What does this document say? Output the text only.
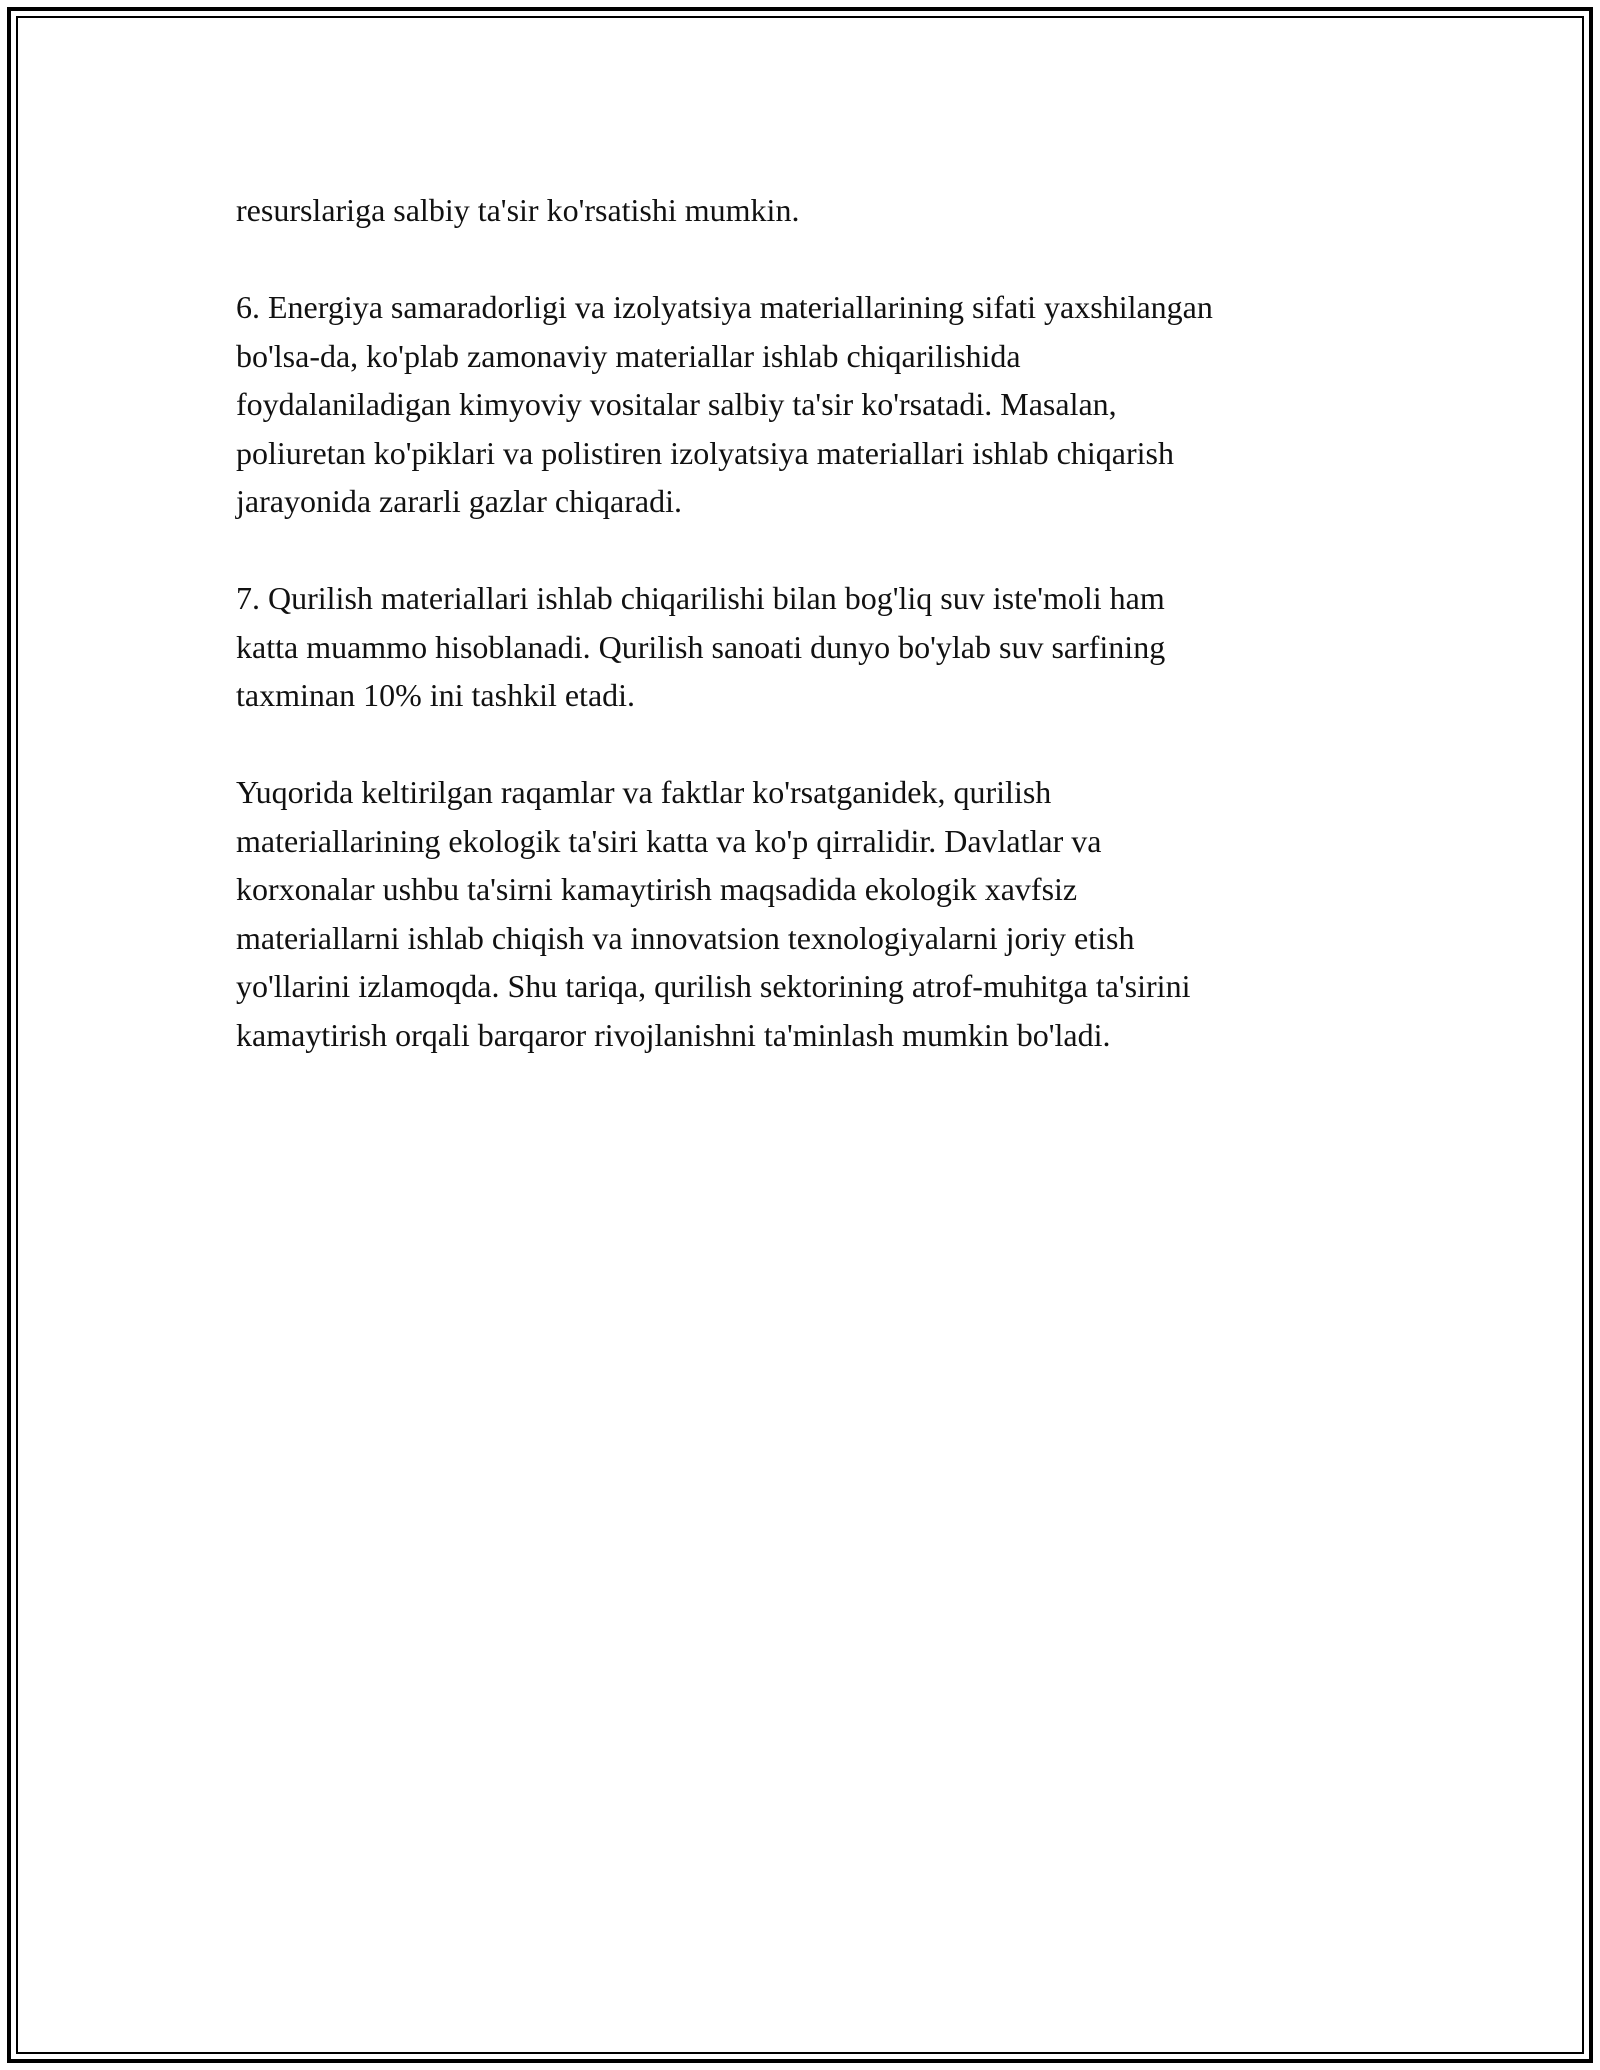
resurslariga salbiy ta'sir ko'rsatishi mumkin.

6. Energiya samaradorligi va izolyatsiya materiallarining sifati yaxshilangan
bo'lsa-da, ko'plab zamonaviy materiallar ishlab chiqarilishida
foydalaniladigan kimyoviy vositalar salbiy ta'sir ko'rsatadi. Masalan,
poliuretan ko'piklari va polistiren izolyatsiya materiallari ishlab chiqarish
jarayonida zararli gazlar chiqaradi.

7. Qurilish materiallari ishlab chiqarilishi bilan bog'liq suv iste'moli ham
katta muammo hisoblanadi. Qurilish sanoati dunyo bo'ylab suv sarfining
taxminan 10% ini tashkil etadi.

Yuqorida keltirilgan raqamlar va faktlar ko'rsatganidek, qurilish
materiallarining ekologik ta'siri katta va ko'p qirralidir. Davlatlar va
korxonalar ushbu ta'sirni kamaytirish maqsadida ekologik xavfsiz
materiallarni ishlab chiqish va innovatsion texnologiyalarni joriy etish
yo'llarini izlamoqda. Shu tariqa, qurilish sektorining atrof-muhitga ta'sirini
kamaytirish orqali barqaror rivojlanishni ta'minlash mumkin bo'ladi.
